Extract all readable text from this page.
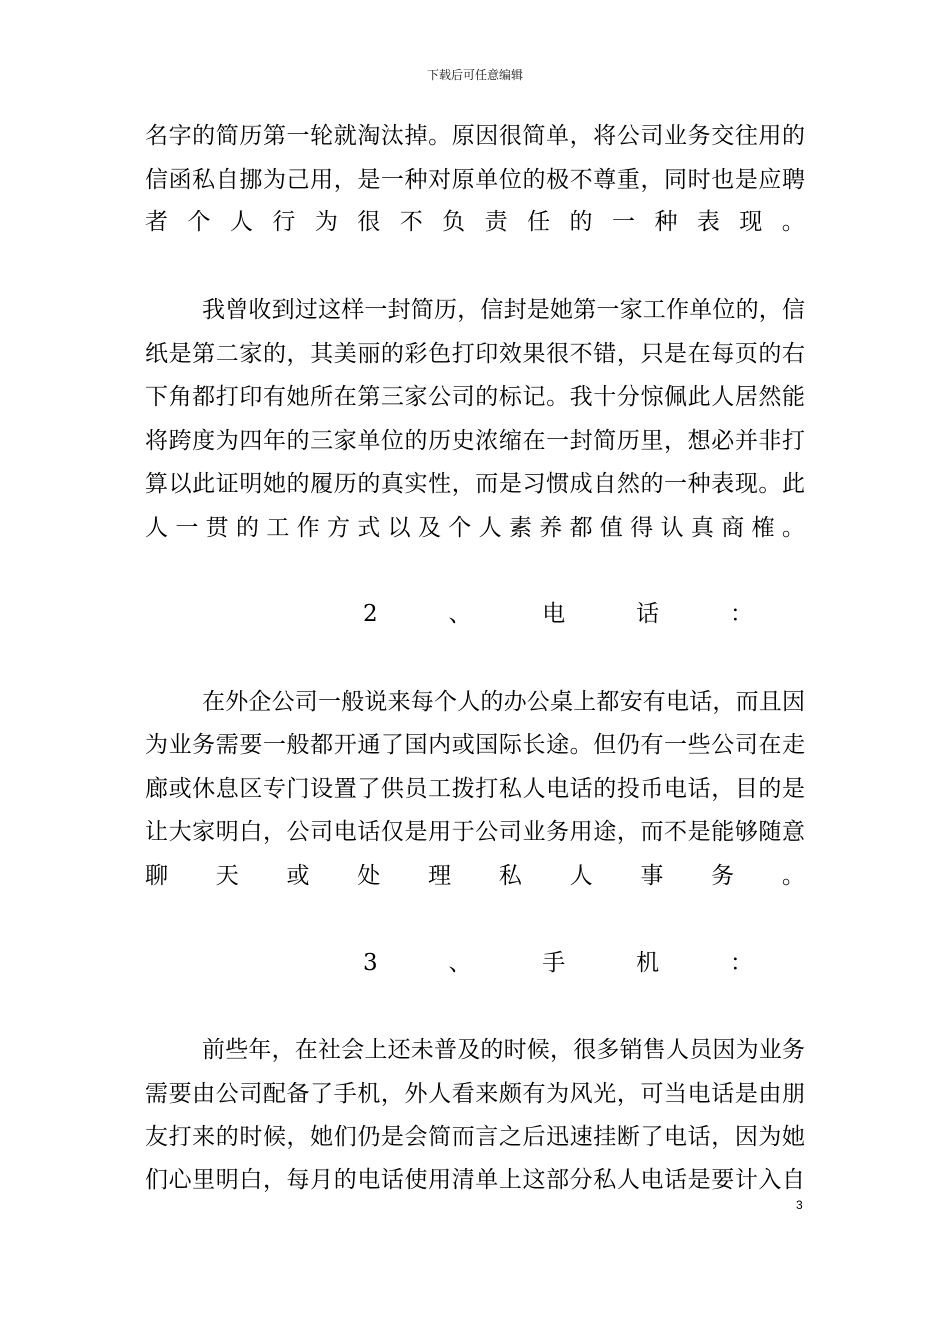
下载后可任意编辑
名字的简历第一轮就淘汰掉。原因很简单，将公司业务交往用的
信函私自挪为己用，是一种对原单位的极不尊重，同时也是应聘
者 个 人 行 为 很 不 负 责 任 的 一 种 表 现 。
我曾收到过这样一封简历，信封是她第一家工作单位的，信
纸是第二家的，其美丽的彩色打印效果很不错，只是在每页的右
下角都打印有她所在第三家公司的标记。我十分惊佩此人居然能
将跨度为四年的三家单位的历史浓缩在一封简历里，想必并非打
算以此证明她的履历的真实性，而是习惯成自然的一种表现。此
人 一 贯 的 工 作 方 式 以 及 个 人 素 养 都 值 得 认 真 商 榷 。
2	、	电	话	：
在外企公司一般说来每个人的办公桌上都安有电话，而且因
为业务需要一般都开通了国内或国际长途。但仍有一些公司在走
廊或休息区专门设置了供员工拨打私人电话的投币电话，目的是
让大家明白，公司电话仅是用于公司业务用途，而不是能够随意
聊 天 或 处 理 私 人 事 务 。
3	、	手	机	：
前些年，在社会上还未普及的时候，很多销售人员因为业务
需要由公司配备了手机，外人看来颇有为风光，可当电话是由朋
友打来的时候，她们仍是会简而言之后迅速挂断了电话，因为她
们心里明白，每月的电话使用清单上这部分私人电话是要计入自
3
